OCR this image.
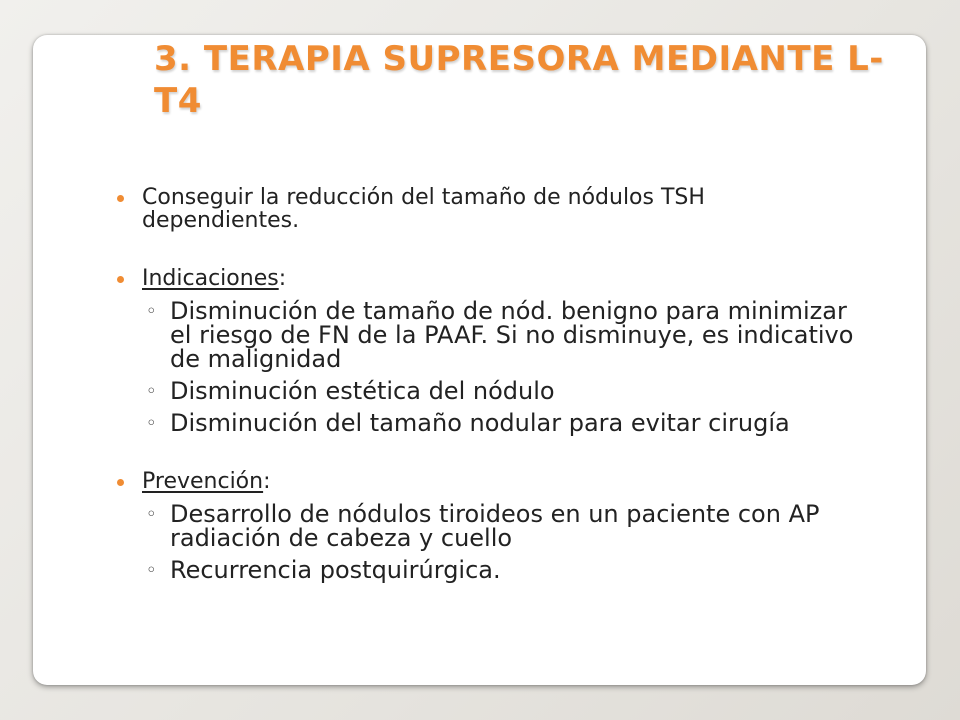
3. TERAPIA SUPRESORA MEDIANTE L-T4
Conseguir la reducción del tamaño de nódulos TSH dependientes.
Indicaciones:
◦ Disminución de tamaño de nód. benigno para minimizar el riesgo de FN de la PAAF. Si no disminuye, es indicativo de malignidad
◦ Disminución estética del nódulo
◦ Disminución del tamaño nodular para evitar cirugía
Prevención:
◦ Desarrollo de nódulos tiroideos en un paciente con AP radiación de cabeza y cuello
◦ Recurrencia postquirúrgica.
